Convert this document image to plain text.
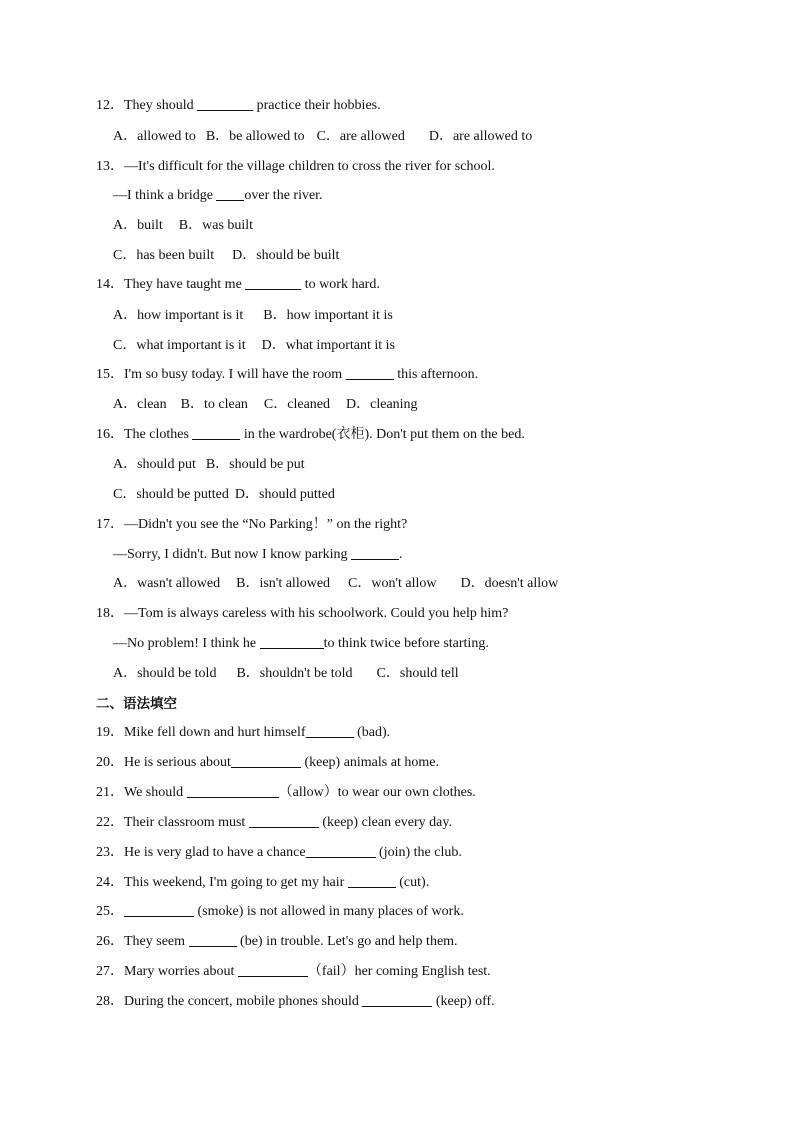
12．They should	practice their hobbies.
A．allowed to B．be allowed to C．are allowed D．are allowed to
13．—It's difficult for the village children to cross the river for school.
—I think a bridge over the river.
A．built B．was built
C．has been built D．should be built
14．They have taught me	to work hard.
A．how important is it B．how important it is
C．what important is it D．what important it is
15．I'm so busy today. I will have the room	this afternoon.
A．clean B．to clean C．cleaned D．cleaning
16．The clothes	in the wardrobe(衣柜). Don't put them on the bed.
A．should put B．should be put
C．should be putted D．should putted
17．—Didn't you see the “No Parking！” on the right?
—Sorry, I didn't. But now I know parking	.
A．wasn't allowed B．isn't allowed C．won't allow D．doesn't allow
18．—Tom is always careless with his schoolwork. Could you help him?
—No problem! I think he	to think twice before starting.
A．should be told B．shouldn't be told C．should tell
二、语法填空
19．Mike fell down and hurt himself	(bad).
20．He is serious about	(keep) animals at home.
21．We should	（allow）to wear our own clothes.
22．Their classroom must	(keep) clean every day.
23．He is very glad to have a chance	(join) the club.
24．This weekend, I'm going to get my hair	(cut).
25．	(smoke) is not allowed in many places of work.
26．They seem	(be) in trouble. Let's go and help them.
27．Mary worries about	（fail）her coming English test.
28．During the concert, mobile phones should	(keep) off.
